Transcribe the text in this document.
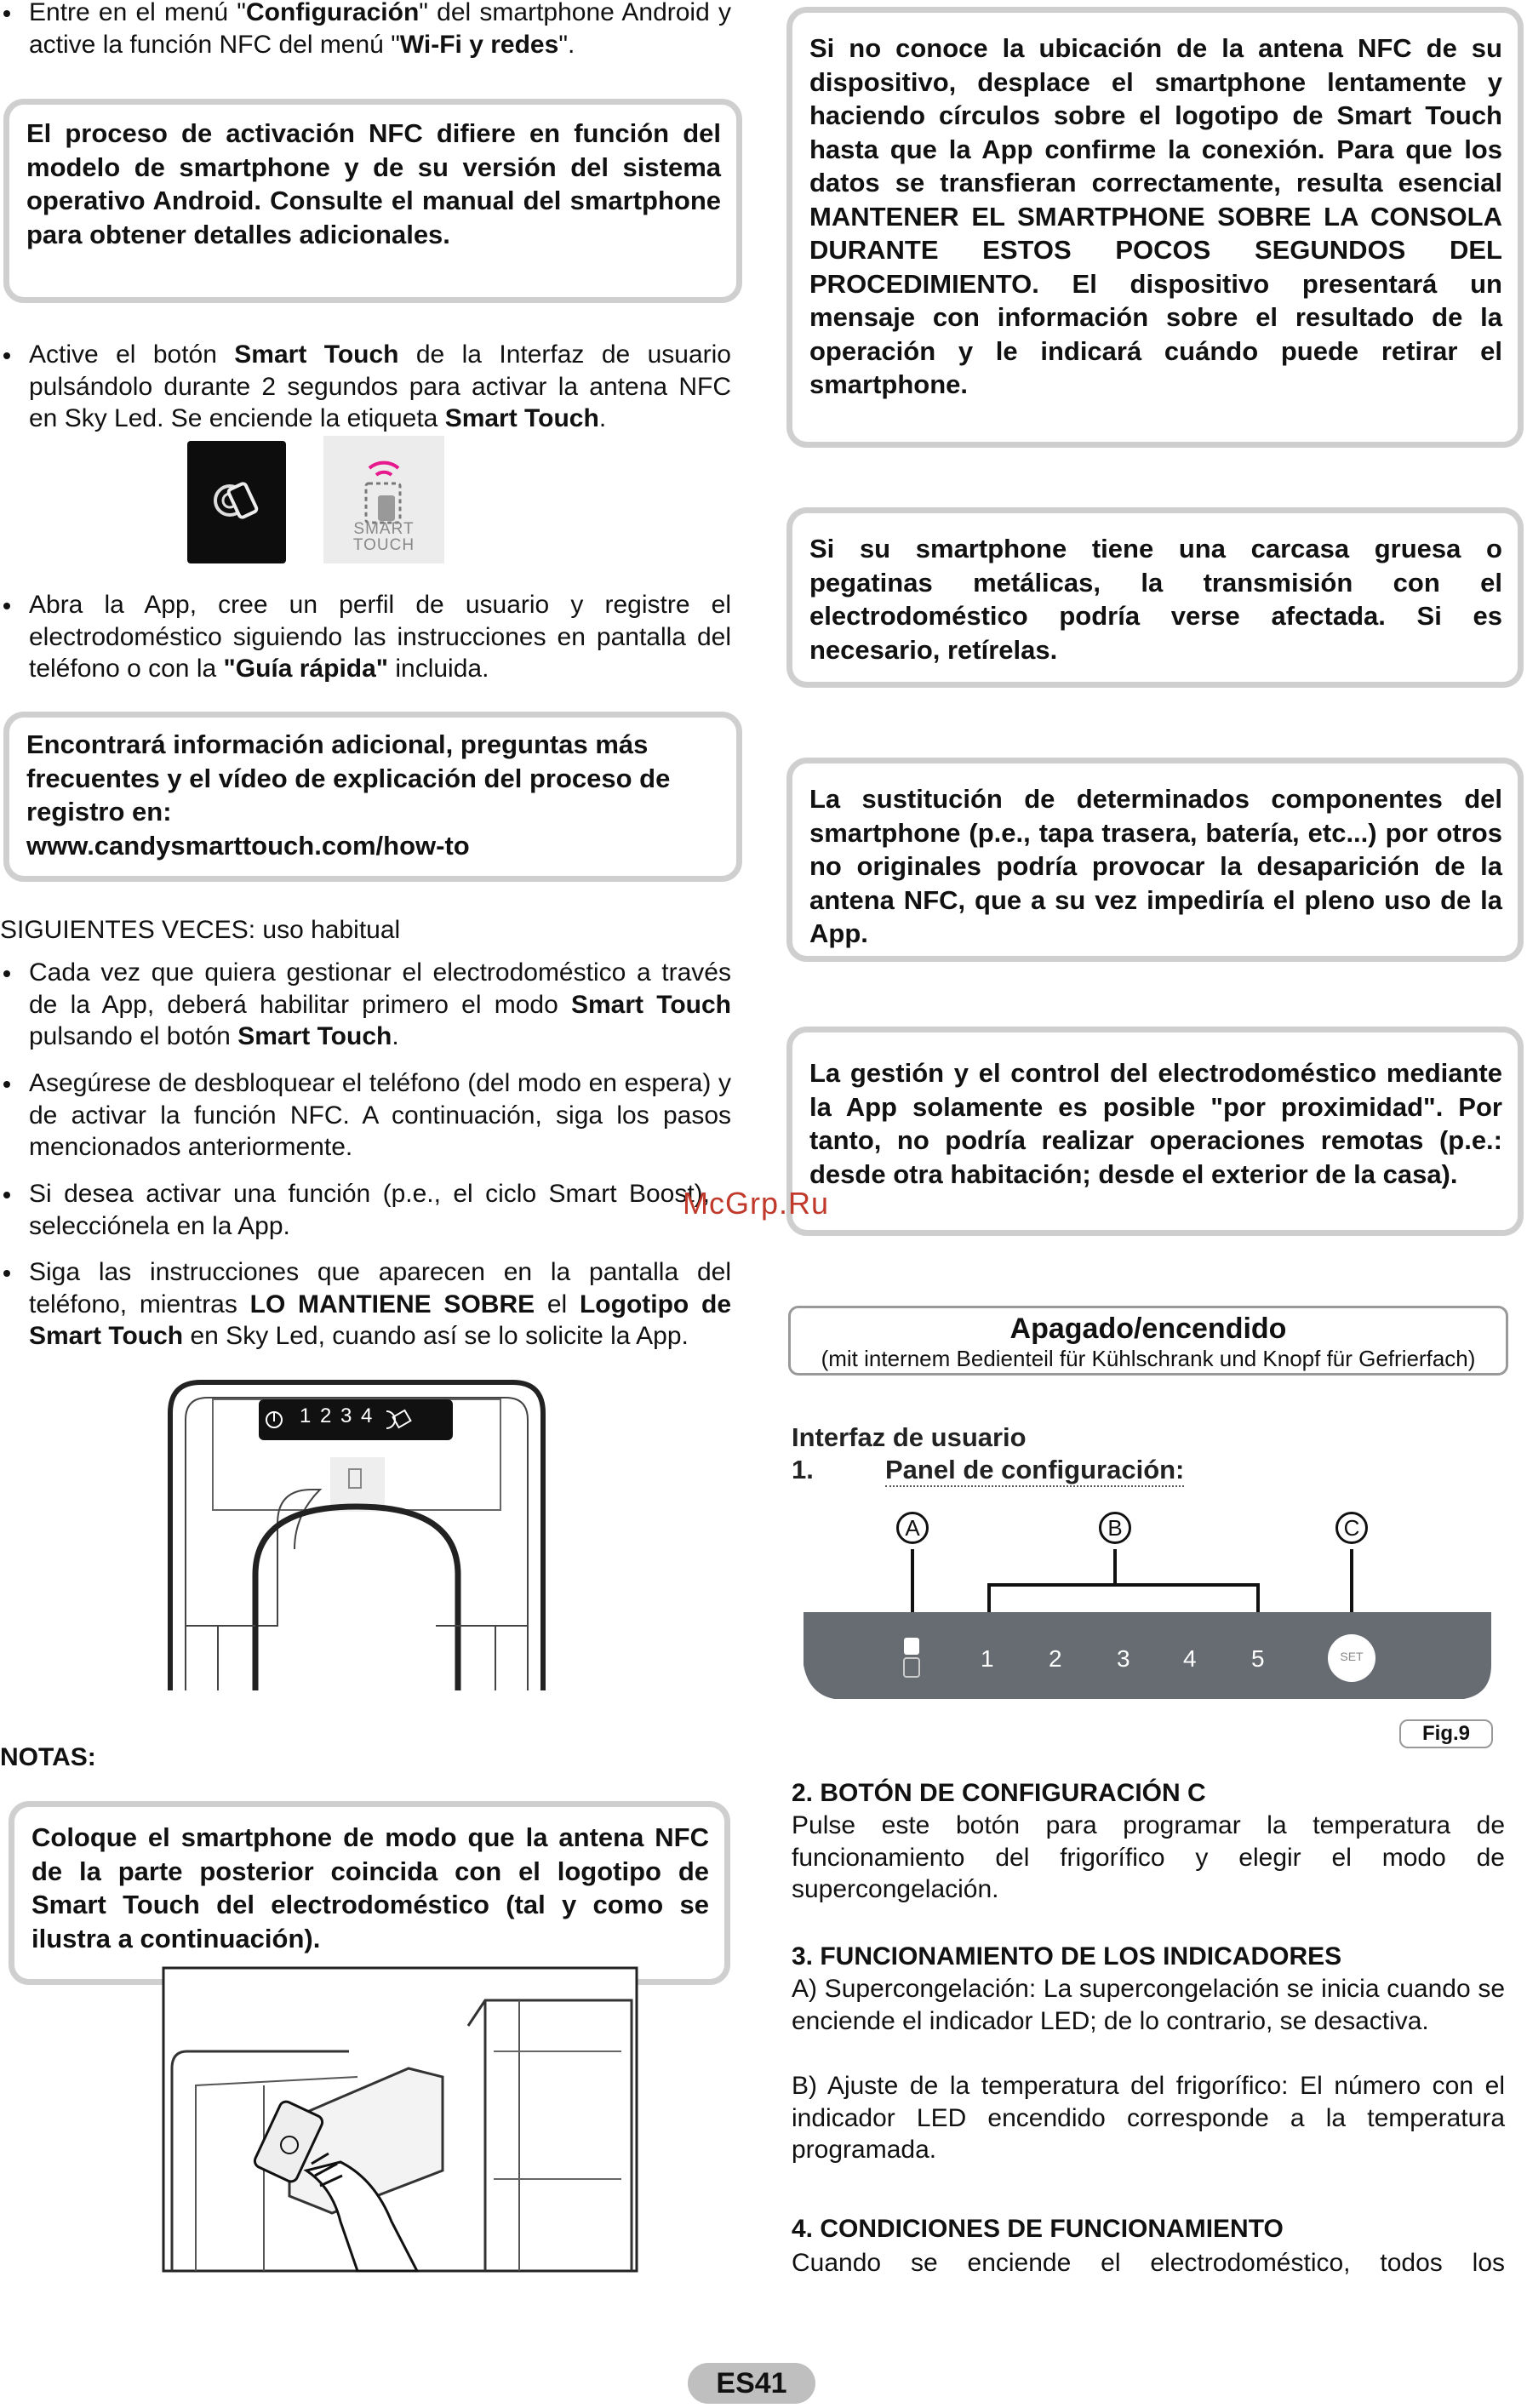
Entre en el menú "Configuración" del smartphone Android y active la función NFC del menú "Wi-Fi y redes".
El proceso de activación NFC difiere en función del modelo de smartphone y de su versión del sistema operativo Android. Consulte el manual del smartphone para obtener detalles adicionales.
Active el botón Smart Touch de la Interfaz de usuario pulsándolo durante 2 segundos para activar la antena NFC en Sky Led. Se enciende la etiqueta Smart Touch.
SMART TOUCH
Abra la App, cree un perfil de usuario y registre el electrodoméstico siguiendo las instrucciones en pantalla del teléfono o con la "Guía rápida" incluida.
Encontrará información adicional, preguntas más frecuentes y el vídeo de explicación del proceso de registro en:
www.candysmarttouch.com/how-to
SIGUIENTES VECES: uso habitual
Cada vez que quiera gestionar el electrodoméstico a través de la App, deberá habilitar primero el modo Smart Touch pulsando el botón Smart Touch.
Asegúrese de desbloquear el teléfono (del modo en espera) y de activar la función NFC. A continuación, siga los pasos mencionados anteriormente.
Si desea activar una función (p.e., el ciclo Smart Boost), selecciónela en la App.
Siga las instrucciones que aparecen en la pantalla del teléfono, mientras LO MANTIENE SOBRE el Logotipo de Smart Touch en Sky Led, cuando así se lo solicite la App.
1 2 3 4
NOTAS:
Coloque el smartphone de modo que la antena NFC de la parte posterior coincida con el logotipo de Smart Touch del electrodoméstico (tal y como se ilustra a continuación).
Si no conoce la ubicación de la antena NFC de su dispositivo, desplace el smartphone lentamente y haciendo círculos sobre el logotipo de Smart Touch hasta que la App confirme la conexión. Para que los datos se transfieran correctamente, resulta esencial MANTENER EL SMARTPHONE SOBRE LA CONSOLA DURANTE ESTOS POCOS SEGUNDOS DEL PROCEDIMIENTO. El dispositivo presentará un mensaje con información sobre el resultado de la operación y le indicará cuándo puede retirar el smartphone.
Si su smartphone tiene una carcasa gruesa o pegatinas metálicas, la transmisión con el electrodoméstico podría verse afectada. Si es necesario, retírelas.
La sustitución de determinados componentes del smartphone (p.e., tapa trasera, batería, etc...) por otros no originales podría provocar la desaparición de la antena NFC, que a su vez impediría el pleno uso de la App.
La gestión y el control del electrodoméstico mediante la App solamente es posible "por proximidad". Por tanto, no podría realizar operaciones remotas (p.e.: desde otra habitación; desde el exterior de la casa).
McGrp.Ru
Apagado/encendido
(mit internem Bedienteil für Kühlschrank und Knopf für Gefrierfach)
Interfaz de usuario
1.	Panel de configuración:
A	B	C
1 2 3 4 5	SET
Fig.9
2. BOTÓN DE CONFIGURACIÓN C
Pulse este botón para programar la temperatura de funcionamiento del frigorífico y elegir el modo de supercongelación.
3. FUNCIONAMIENTO DE LOS INDICADORES
A) Supercongelación: La supercongelación se inicia cuando se enciende el indicador LED; de lo contrario, se desactiva.
B) Ajuste de la temperatura del frigorífico: El número con el indicador LED encendido corresponde a la temperatura programada.
4. CONDICIONES DE FUNCIONAMIENTO
Cuando se enciende el electrodoméstico, todos los
ES41
